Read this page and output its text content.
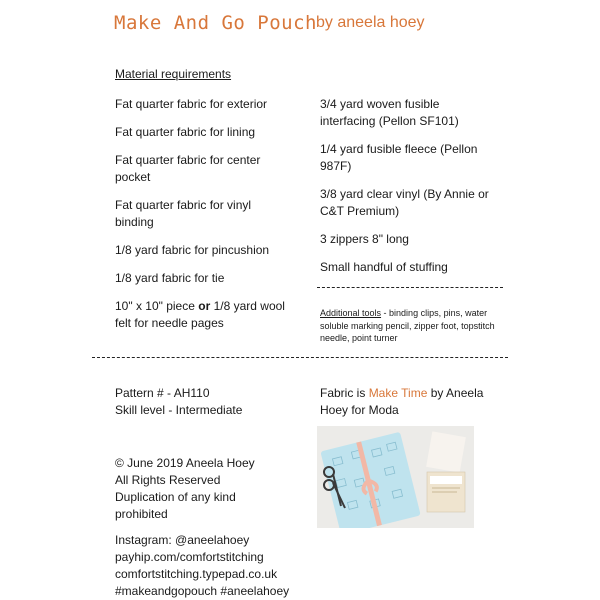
Make And Go Pouch by aneela hoey
Material requirements

Fat quarter fabric for exterior

Fat quarter fabric for lining

Fat quarter fabric for center pocket

Fat quarter fabric for vinyl binding

1/8 yard fabric for pincushion

1/8 yard fabric for tie

10" x 10" piece or 1/8 yard wool felt for needle pages

3/4 yard woven fusible interfacing (Pellon SF101)

1/4 yard fusible fleece (Pellon 987F)

3/8 yard clear vinyl (By Annie or C&T Premium)

3 zippers 8" long

Small handful of stuffing

Additional tools - binding clips, pins, water soluble marking pencil, zipper foot, topstitch needle, point turner
Pattern # - AH110
Skill level - Intermediate
© June 2019 Aneela Hoey
All Rights Reserved
Duplication of any kind prohibited
Instagram: @aneelahoey
payhip.com/comfortstitching
comfortstitching.typepad.co.uk
#makeandgopouch #aneelahoey
Fabric is Make Time by Aneela Hoey for Moda
